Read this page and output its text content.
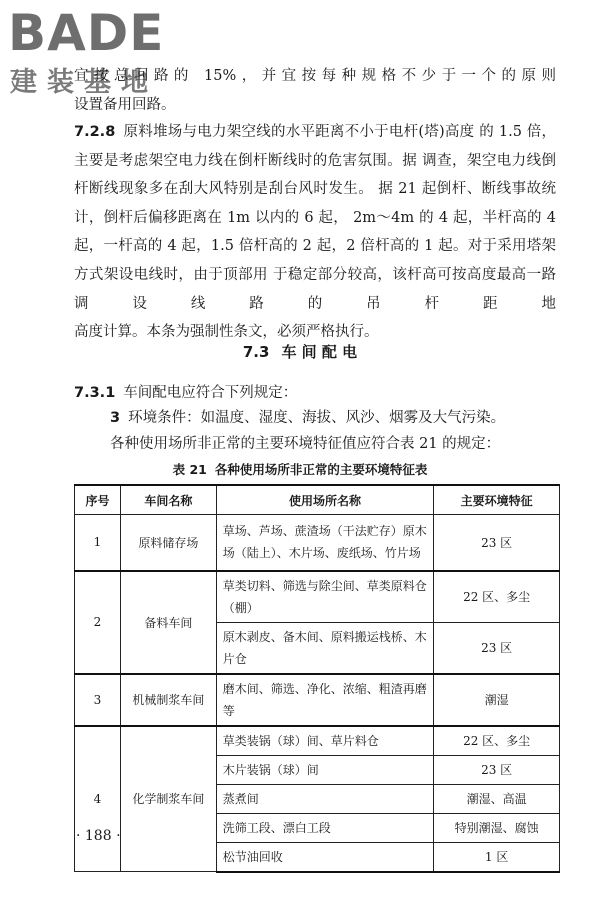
BADE
建装基地
宜按总回路的 15%，并宜按每种规格不少于一个的原则
设置备用回路。
7.2.8 原料堆场与电力架空线的水平距离不小于电杆(塔)高度 的 1.5 倍，主要是考虑架空电力线在倒杆断线时的危害氛围。据 调查，架空电力线倒杆断线现象多在刮大风特别是刮台风时发生。 据 21 起倒杆、断线事故统计，倒杆后偏移距离在 1m 以内的 6 起， 2m～4m 的 4 起，半杆高的 4 起，一杆高的 4 起，1.5 倍杆高的 2 起，2 倍杆高的 1 起。对于采用塔架方式架设电线时，由于顶部用 于稳定部分较高，该杆高可按高度最高一路调设线路的吊杆距地
高度计算。本条为强制性条文，必须严格执行。
7.3 车 间 配 电
7.3.1 车间配电应符合下列规定：
3 环境条件：如温度、湿度、海拔、风沙、烟雾及大气污染。
各种使用场所非正常的主要环境特征值应符合表 21 的规定：
表 21 各种使用场所非正常的主要环境特征表
序号	车间名称	使用场所名称	主要环境特征
1	原料储存场	草场、芦场、蔗渣场（干法贮存）原木场（陆上）、木片场、废纸场、竹片场	23 区
2	备料车间	草类切料、筛选与除尘间、草类原料仓（棚）	22 区、多尘
		原木剥皮、备木间、原料搬运栈桥、木片仓	23 区
3	机械制浆车间	磨木间、筛选、净化、浓缩、粗渣再磨等	潮湿
4	化学制浆车间	草类装锅（球）间、草片料仓	22 区、多尘
		木片装锅（球）间	23 区
		蒸煮间	潮湿、高温
		洗筛工段、漂白工段	特别潮湿、腐蚀
		松节油回收	1 区
· 188 ·
